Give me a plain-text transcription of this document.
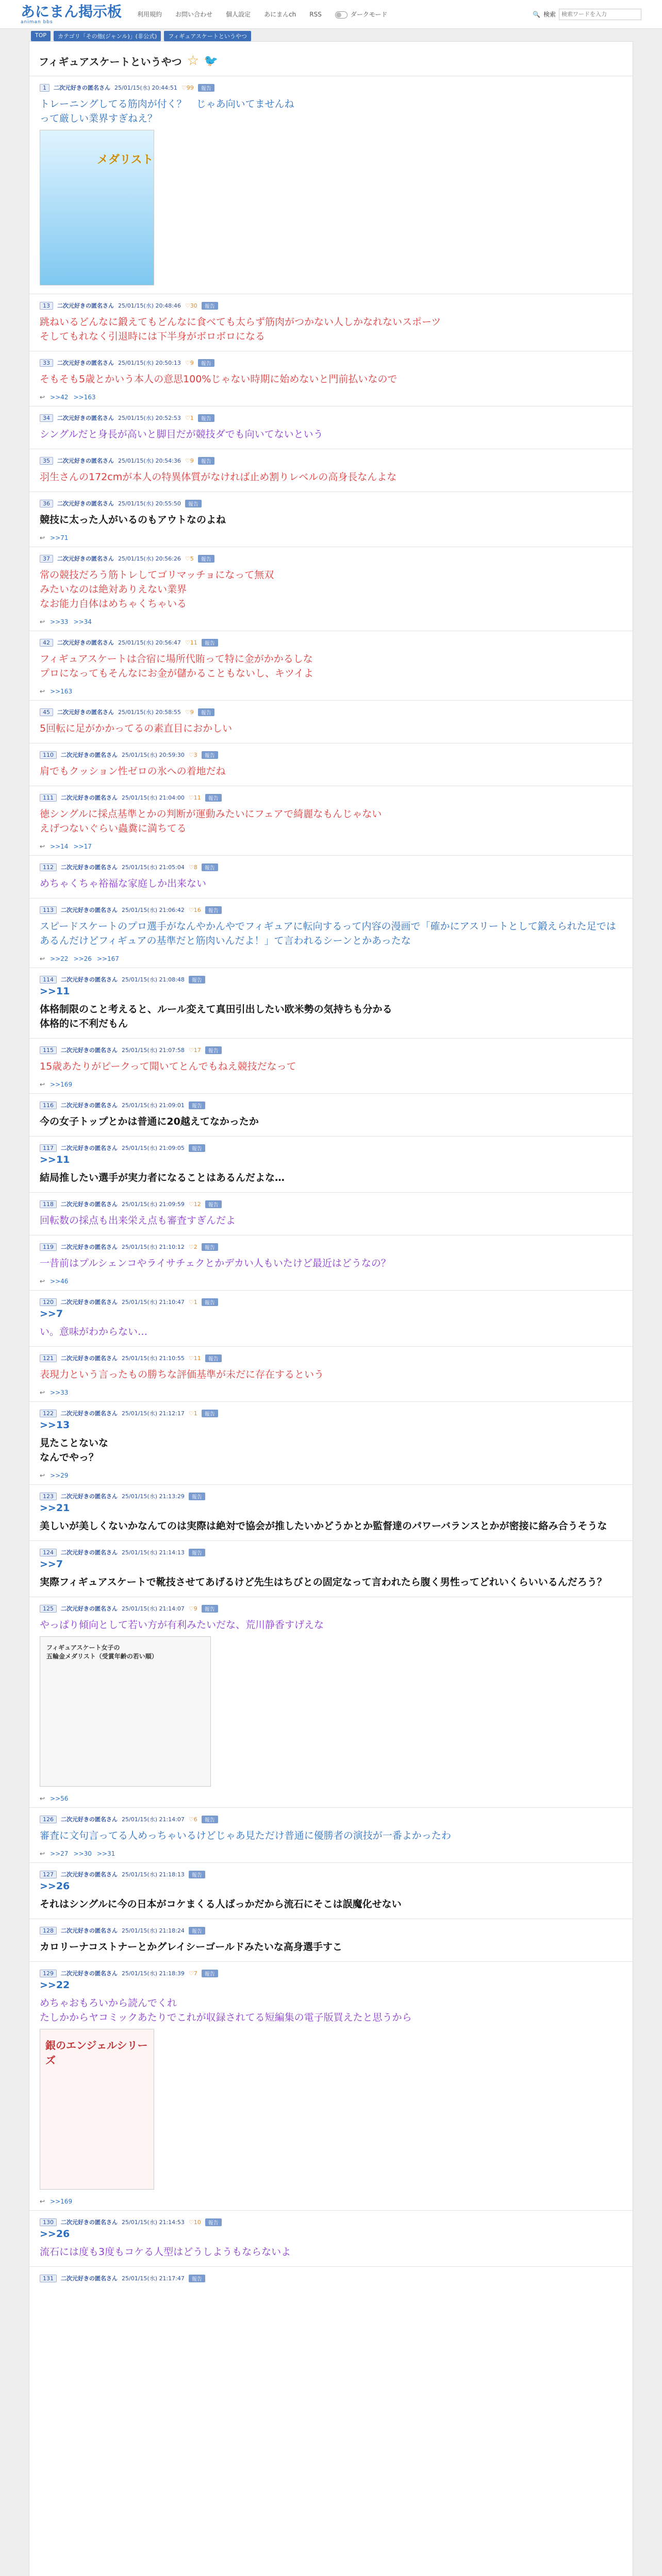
あにまん掲示板
animan bbs
利用規約 お問い合わせ 個人設定 あにまんch RSS	ダークモード	🔍 検索
検索ワードを入力
TOP	カテゴリ「その他(ジャンル)」(非公式)	フィギュアスケートというやつ
フィギュアスケートというやつ ☆ 🐦
1	二次元好きの匿名さん 25/01/15(水) 20:44:51 ♡99	報告
トレーニングしてる筋肉が付く？　じゃあ向いてませんね
って厳しい業界すぎねえ？
メダリスト
13	二次元好きの匿名さん 25/01/15(水) 20:48:46 ♡30	報告
跳ねいるどんなに鍛えてもどんなに食べても太らず筋肉がつかない人しかなれないスポーツ
そしてもれなく引退時には下半身がボロボロになる
33	二次元好きの匿名さん 25/01/15(水) 20:50:13 ♡9	報告
そもそも5歳とかいう本人の意思100%じゃない時期に始めないと門前払いなので
↩ >>42 >>163
34	二次元好きの匿名さん 25/01/15(水) 20:52:53 ♡1	報告
シングルだと身長が高いと脚目だが競技ダでも向いてないという
35	二次元好きの匿名さん 25/01/15(水) 20:54:36 ♡9	報告
羽生さんの172cmが本人の特異体質がなければ止め割りレベルの高身長なんよな
36	二次元好きの匿名さん 25/01/15(水) 20:55:50	報告
競技に太った人がいるのもアウトなのよね
↩ >>71
37	二次元好きの匿名さん 25/01/15(水) 20:56:26 ♡5	報告
常の競技だろう筋トレしてゴリマッチョになって無双
みたいなのは絶対ありえない業界
なお能力自体はめちゃくちゃいる
↩ >>33 >>34
42	二次元好きの匿名さん 25/01/15(水) 20:56:47 ♡11	報告
フィギュアスケートは合宿に場所代賄って特に金がかかるしな
プロになってもそんなにお金が儲かることもないし、キツイよ
↩ >>163
45	二次元好きの匿名さん 25/01/15(水) 20:58:55 ♡9	報告
5回転に足がかかってるの素直目におかしい
110	二次元好きの匿名さん 25/01/15(水) 20:59:30 ♡3	報告
肩でもクッション性ゼロの氷への着地だね
111	二次元好きの匿名さん 25/01/15(水) 21:04:00 ♡11	報告
徳シングルに採点基準とかの判断が運動みたいにフェアで綺麗なもんじゃない
えげつないぐらい蟲糞に満ちてる
↩ >>14 >>17
112	二次元好きの匿名さん 25/01/15(水) 21:05:04 ♡8	報告
めちゃくちゃ裕福な家庭しか出来ない
113	二次元好きの匿名さん 25/01/15(水) 21:06:42 ♡16	報告
スピードスケートのプロ選手がなんやかんやでフィギュアに転向するって内容の漫画で「確かにアスリートとして鍛えられた足ではあるんだけどフィギュアの基準だと筋肉いんだよ！」て言われるシーンとかあったな
↩ >>22 >>26 >>167
114	二次元好きの匿名さん 25/01/15(水) 21:08:48	報告
>>11
体格制限のこと考えると、ルール変えて真田引出したい欧米勢の気持ちも分かる
体格的に不利だもん
115	二次元好きの匿名さん 25/01/15(水) 21:07:58 ♡17	報告
15歳あたりがピークって聞いてとんでもねえ競技だなって
↩ >>169
116	二次元好きの匿名さん 25/01/15(水) 21:09:01	報告
今の女子トップとかは普通に20越えてなかったか
117	二次元好きの匿名さん 25/01/15(水) 21:09:05	報告
>>11
結局推したい選手が実力者になることはあるんだよな…
118	二次元好きの匿名さん 25/01/15(水) 21:09:59 ♡12	報告
回転数の採点も出来栄え点も審査すぎんだよ
119	二次元好きの匿名さん 25/01/15(水) 21:10:12 ♡2	報告
一昔前はプルシェンコやライサチェクとかデカい人もいたけど最近はどうなの？
↩ >>46
120	二次元好きの匿名さん 25/01/15(水) 21:10:47 ♡1	報告
>>7
い。意味がわからない…
121	二次元好きの匿名さん 25/01/15(水) 21:10:55 ♡11	報告
表現力という言ったもの勝ちな評価基準が未だに存在するという
↩ >>33
122	二次元好きの匿名さん 25/01/15(水) 21:12:17 ♡1	報告
>>13
見たことないな
なんでやっ？
↩ >>29
123	二次元好きの匿名さん 25/01/15(水) 21:13:29	報告
>>21
美しいが美しくないかなんてのは実際は絶対で協会が推したいかどうかとか監督達のパワーバランスとかが密接に絡み合うそうな
124	二次元好きの匿名さん 25/01/15(水) 21:14:13	報告
>>7
実際フィギュアスケートで靴技させてあげるけど先生はちびとの固定なって言われたら腹く男性ってどれいくらいいるんだろう？
125	二次元好きの匿名さん 25/01/15(水) 21:14:07 ♡9	報告
やっぱり傾向として若い方が有利みたいだな、荒川静香すげえな
フィギュアスケート女子の
五輪金メダリスト（受賞年齢の若い順）
↩ >>56
126	二次元好きの匿名さん 25/01/15(水) 21:14:07 ♡6	報告
審査に文句言ってる人めっちゃいるけどじゃあ見ただけ普通に優勝者の演技が一番よかったわ
↩ >>27 >>30 >>31
127	二次元好きの匿名さん 25/01/15(水) 21:18:13	報告
>>26
それはシングルに今の日本がコケまくる人ばっかだから流石にそこは誤魔化せない
128	二次元好きの匿名さん 25/01/15(水) 21:18:24	報告
カロリーナコストナーとかグレイシーゴールドみたいな高身選手すこ
129	二次元好きの匿名さん 25/01/15(水) 21:18:39 ♡7	報告
>>22
めちゃおもろいから読んでくれ
たしかからヤコミックあたりでこれが収録されてる短編集の電子版買えたと思うから
銀のエンジェルシリーズ
↩ >>169
130	二次元好きの匿名さん 25/01/15(水) 21:14:53 ♡10	報告
>>26
流石には度も3度もコケる人型はどうしようもならないよ
131	二次元好きの匿名さん 25/01/15(水) 21:17:47	報告
